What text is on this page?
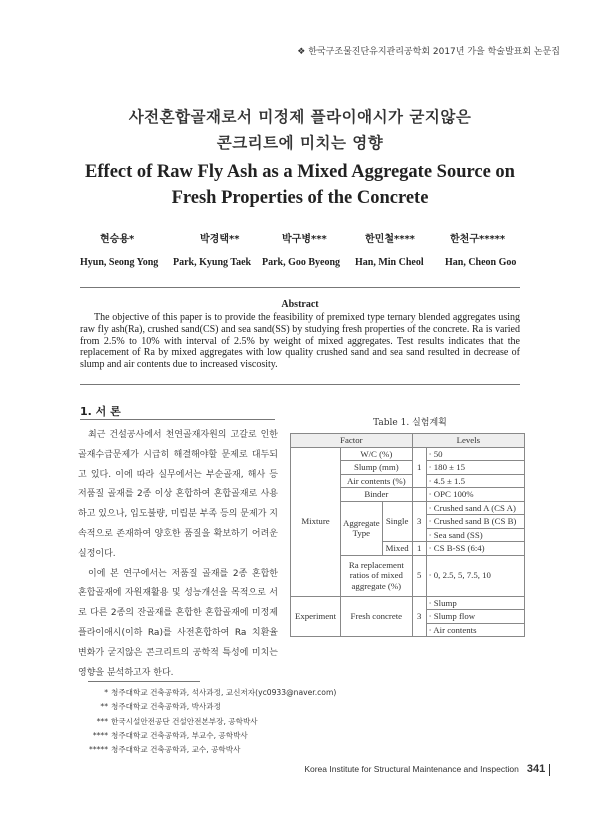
❖ 한국구조물진단유지관리공학회 2017년 가을 학술발표회 논문집
사전혼합골재로서 미정제 플라이애시가 굳지않은
콘크리트에 미치는 영향
Effect of Raw Fly Ash as a Mixed Aggregate Source on
Fresh Properties of the Concrete
현승용*	박경택**	박구병***	한민철****	한천구*****
Hyun, Seong Yong Park, Kyung Taek Park, Goo Byeong Han, Min Cheol Han, Cheon Goo
Abstract
The objective of this paper is to provide the feasibility of premixed type ternary blended aggregates using raw fly ash(Ra), crushed sand(CS) and sea sand(SS) by studying fresh properties of the concrete. Ra is varied from 2.5% to 10% with interval of 2.5% by weight of mixed aggregates. Test results indicates that the replacement of Ra by mixed aggregates with low quality crushed sand and sea sand resulted in decrease of slump and air contents due to increased viscosity.
1. 서 론

최근 건설공사에서 천연골재자원의 고갈로 인한 골재수급문제가 시급히 해결해야할 문제로 대두되고 있다. 이에 따라 실무에서는 부순골재, 해사 등 저품질 골재를 2종 이상 혼합하여 혼합골재로 사용하고 있으나, 입도불량, 미립분 부족 등의 문제가 지속적으로 존재하여 양호한 품질을 확보하기 어려운 실정이다.

이에 본 연구에서는 저품질 골재를 2종 혼합한 혼합골재에 자원재활용 및 성능개선을 목적으로 서로 다른 2종의 잔골재를 혼합한 혼합골재에 미정제 플라이애시(이하 Ra)를 사전혼합하여 Ra 치환율 변화가 굳지않은 콘크리트의 공학적 특성에 미치는 영향을 분석하고자 한다.

Table 1. 실험계획
Factor			Levels	
Mixture	W/C (%)		1	· 50
	Slump (mm)			· 180 ± 15
	Air contents (%)			· 4.5 ± 1.5
	Binder			· OPC 100%
	Aggregate Type	Single	3	· Crushed sand A (CS A)
				· Crushed sand B (CS B)
				· Sea sand (SS)
		Mixed	1	· CS B-SS (6:4)
	Ra replacement ratios of mixed aggregate (%)		5	· 0, 2.5, 5, 7.5, 10
Experiment	Fresh concrete		3	· Slump
				· Slump flow
				· Air contents
* 청주대학교 건축공학과, 석사과정, 교신저자(yc0933@naver.com)
** 청주대학교 건축공학과, 박사과정
*** 한국시설안전공단 건설안전본부장, 공학박사
**** 청주대학교 건축공학과, 부교수, 공학박사
***** 청주대학교 건축공학과, 교수, 공학박사
Korea Institute for Structural Maintenance and Inspection 341
